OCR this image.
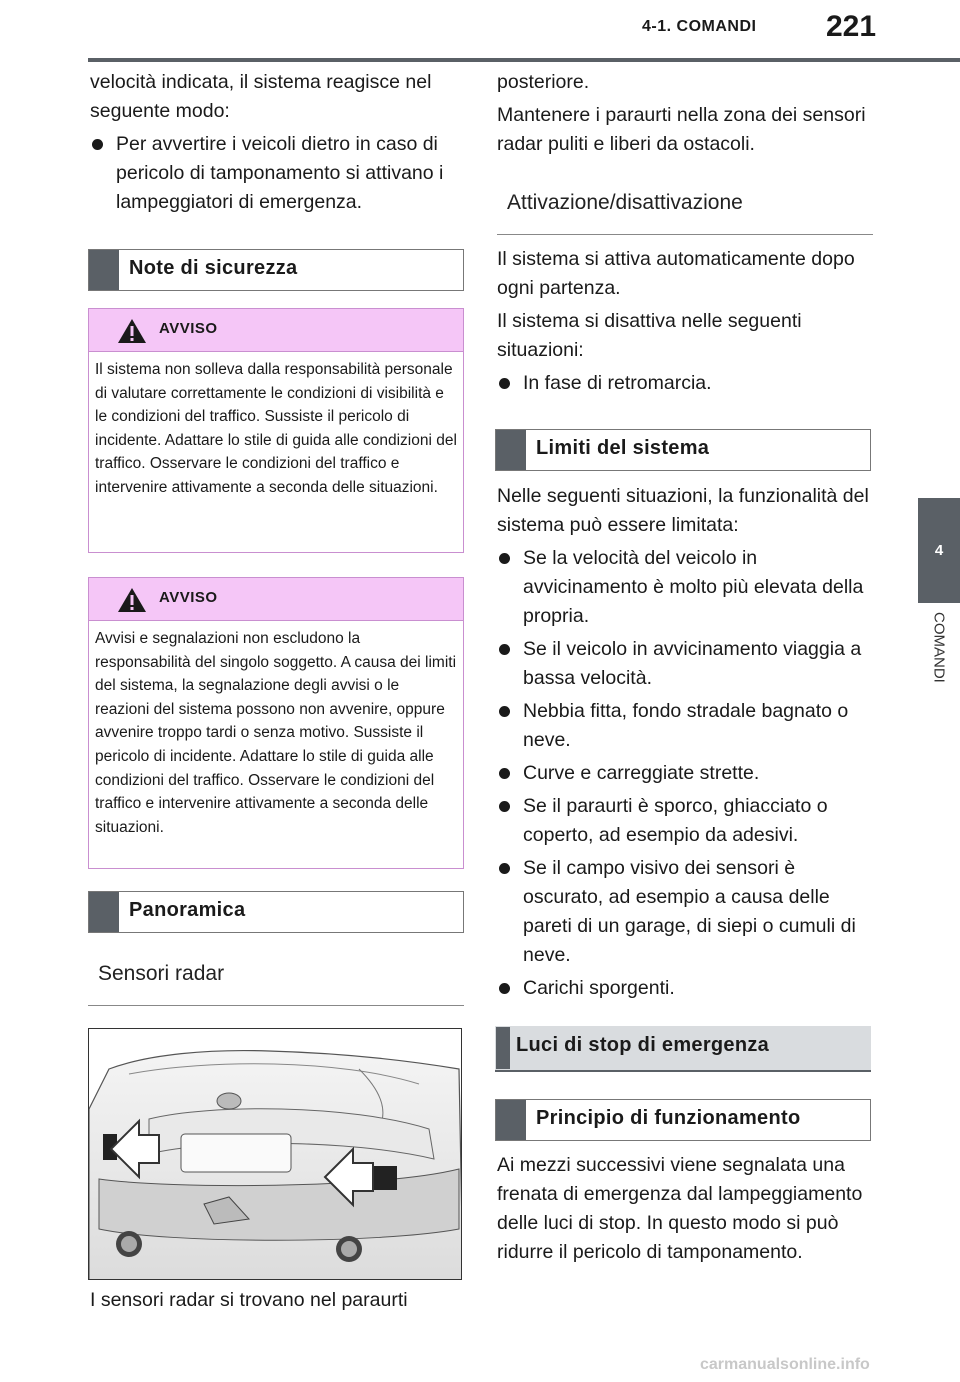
4-1. COMANDI 221
4
COMANDI

velocità indicata, il sistema reagisce nel seguente modo:

Per avvertire i veicoli dietro in caso di pericolo di tamponamento si attivano i lampeggiatori di emergenza.
Note di sicurezza
AVVISO
Il sistema non solleva dalla responsabilità personale di valutare correttamente le condizioni di visibilità e le condizioni del traffico. Sussiste il pericolo di incidente. Adattare lo stile di guida alle condizioni del traffico. Osservare le condizioni del traffico e intervenire attivamente a seconda delle situazioni.
AVVISO
Avvisi e segnalazioni non escludono la responsabilità del singolo soggetto. A causa dei limiti del sistema, la segnalazione degli avvisi o le reazioni del sistema possono non avvenire, oppure avvenire troppo tardi o senza motivo. Sussiste il pericolo di incidente. Adattare lo stile di guida alle condizioni del traffico. Osservare le condizioni del traffico e intervenire attivamente a seconda delle situazioni.
Panoramica
Sensori radar
I sensori radar si trovano nel paraurti

posteriore.

Mantenere i paraurti nella zona dei sensori radar puliti e liberi da ostacoli.

Attivazione/disattivazione

Il sistema si attiva automaticamente dopo ogni partenza.

Il sistema si disattiva nelle seguenti situazioni:

In fase di retromarcia.
Limiti del sistema

Nelle seguenti situazioni, la funzionalità del sistema può essere limitata:

Se la velocità del veicolo in avvicinamento è molto più elevata della propria.
Se il veicolo in avvicinamento viaggia a bassa velocità.
Nebbia fitta, fondo stradale bagnato o neve.
Curve e carreggiate strette.
Se il paraurti è sporco, ghiacciato o coperto, ad esempio da adesivi.
Se il campo visivo dei sensori è oscurato, ad esempio a causa delle pareti di un garage, di siepi o cumuli di neve.
Carichi sporgenti.
Luci di stop di emergenza
Principio di funzionamento
Ai mezzi successivi viene segnalata una frenata di emergenza dal lampeggiamento delle luci di stop. In questo modo si può ridurre il pericolo di tamponamento.
carmanualsonline.info
